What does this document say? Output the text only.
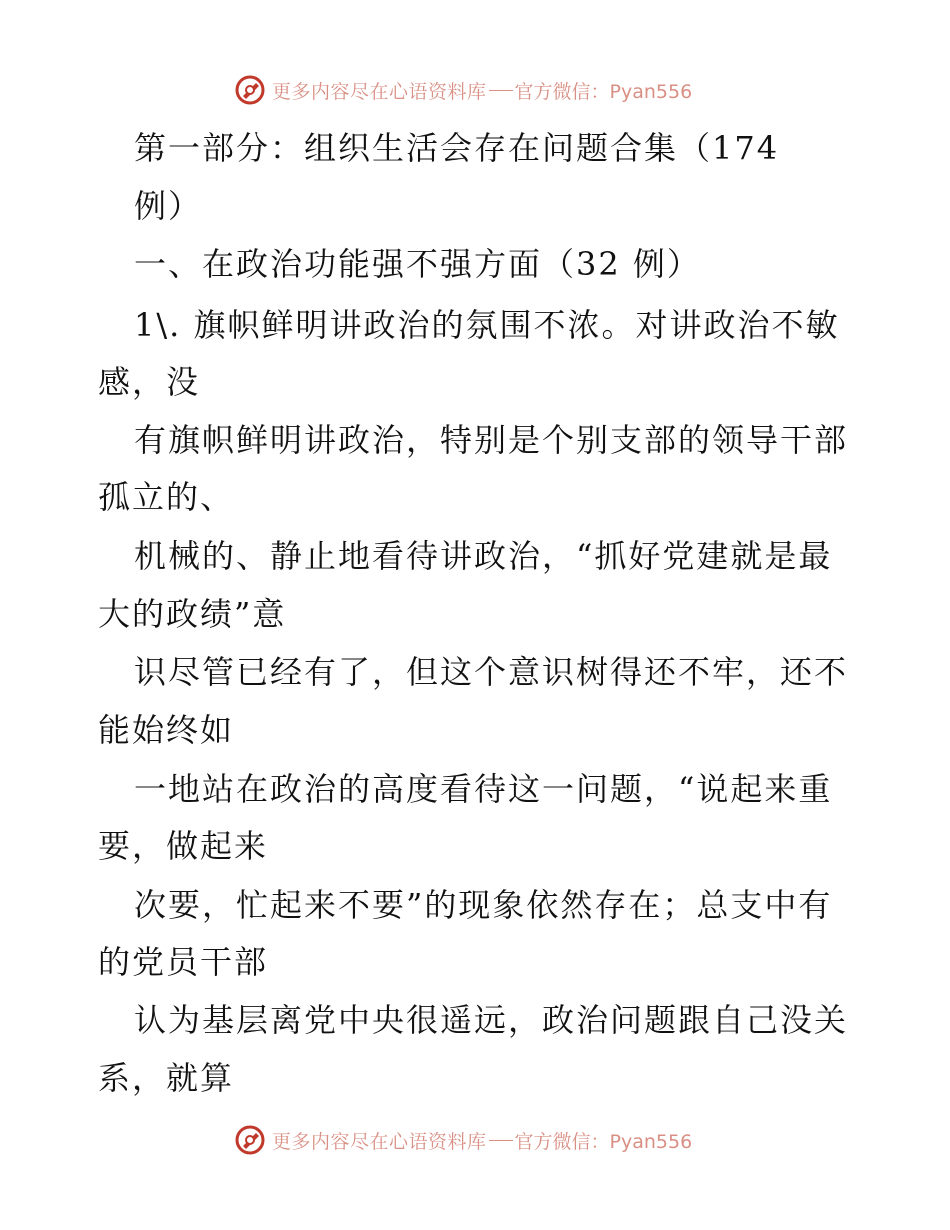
更多内容尽在心语资料库 官方微信：Pyan556
第一部分：组织生活会存在问题合集（174
例）
一、在政治功能强不强方面（32 例）
1\. 旗帜鲜明讲政治的氛围不浓。对讲政治不敏
感，没
有旗帜鲜明讲政治，特别是个别支部的领导干部
孤立的、
机械的、静止地看待讲政治，“抓好党建就是最
大的政绩”意
识尽管已经有了，但这个意识树得还不牢，还不
能始终如
一地站在政治的高度看待这一问题，“说起来重
要，做起来
次要，忙起来不要”的现象依然存在；总支中有
的党员干部
认为基层离党中央很遥远，政治问题跟自己没关
系，就算
更多内容尽在心语资料库 官方微信：Pyan556
